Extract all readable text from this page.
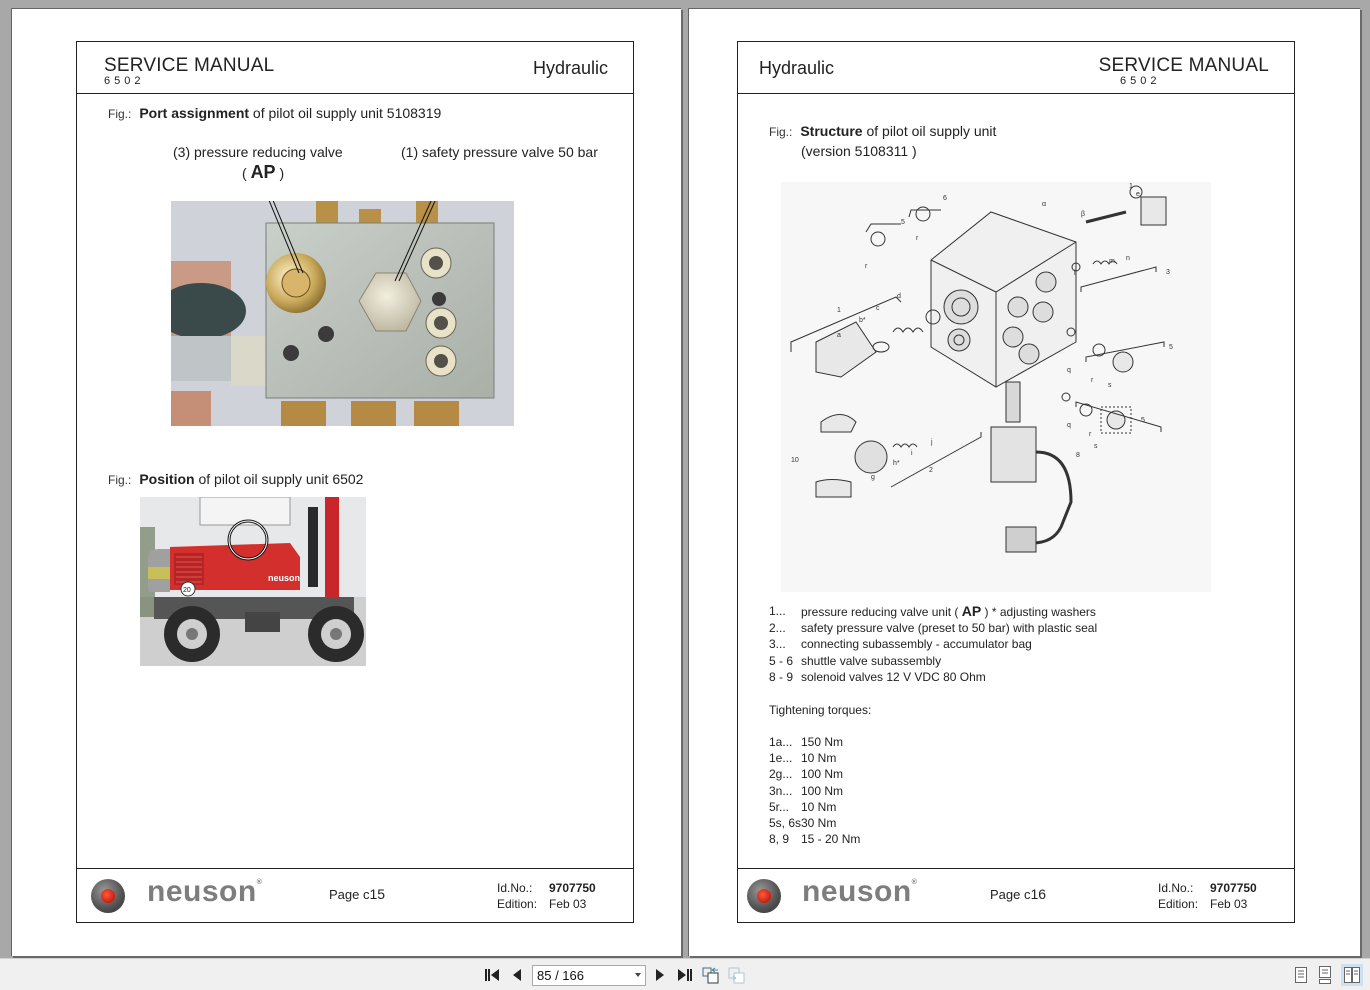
SERVICE MANUAL
6502
Hydraulic
Fig.: Port assignment of pilot oil supply unit 5108319
(3) pressure reducing valve
( AP )
(1) safety pressure valve 50 bar
Fig.: Position of pilot oil supply unit 6502
neuson
20
neuson®
Page c15	Id.No.: 9707750
Edition: Feb 03
Hydraulic	SERVICE MANUAL
6502
Fig.: Structure of pilot oil supply unit
(version 5108311 )
1
a
b*
c
d
5
6
r
r
α
β
1
e
m n
3
l
5
q
r
s
5
q
r
s
8
10
g
h*
i
j
2
1...	pressure reducing valve unit ( AP ) * adjusting washers
2...	safety pressure valve (preset to 50 bar) with plastic seal
3...	connecting subassembly - accumulator bag
5 - 6 shuttle valve subassembly
8 - 9 solenoid valves 12 V VDC 80 Ohm
Tightening torques:
1a... 150 Nm
1e... 10 Nm
2g... 100 Nm
3n... 100 Nm
5r... 10 Nm
5s, 6s 30 Nm
8, 9 15 - 20 Nm
neuson®
Page c16	Id.No.: 9707750
Edition: Feb 03
85 / 166
